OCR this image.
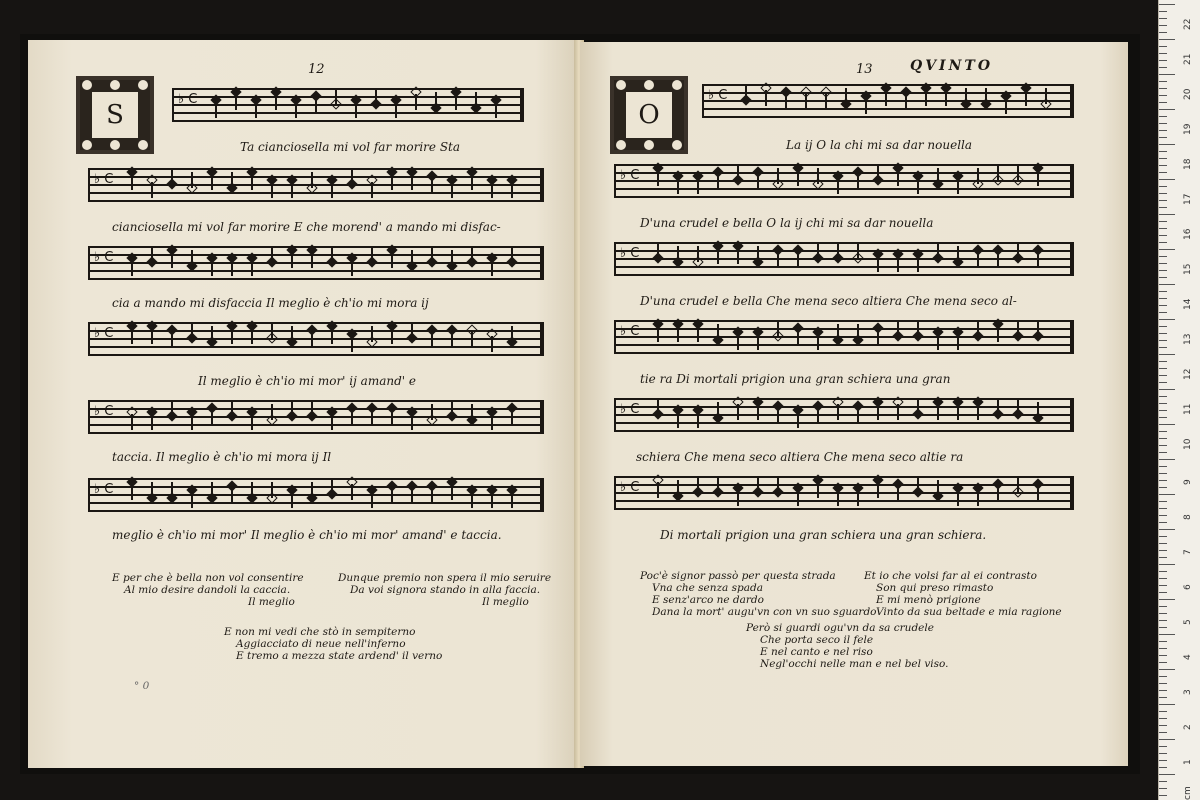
S
12
♭ C
Ta cianciosella mi vol far morire Sta
♭ C
cianciosella mi vol far morire E che morend' a mando mi disfac-
♭ C
cia a mando mi disfaccia Il meglio è ch'io mi mora ij
♭ C
Il meglio è ch'io mi mor' ij amand' e
♭ C
taccia. Il meglio è ch'io mi mora ij Il
♭ C
meglio è ch'io mi mor' Il meglio è ch'io mi mor' amand' e taccia.
E per che è bella non vol consentire
Al mio desire dandoli la caccia.
Il meglio
Dunque premio non spera il mio seruire
Da voi signora stando in alla faccia.
Il meglio
E non mi vedi che stò in sempiterno
Aggiacciato di neue nell'inferno
E tremo a mezza state ardend' il verno
° 0
13	QVINTO
O
♭ C
La ij O la chi mi sa dar nouella
♭ C
D'una crudel e bella O la ij chi mi sa dar nouella
♭ C
D'una crudel e bella Che mena seco altiera Che mena seco al-
♭ C
tie ra Di mortali prigion una gran schiera una gran
♭ C
schiera Che mena seco altiera Che mena seco altie ra
♭ C
Di mortali prigion una gran schiera una gran schiera.
Poc'è signor passò per questa strada
Vna che senza spada
E senz'arco ne dardo
Dana la mort' augu'vn con vn suo sguardo
Et io che volsi far al ei contrasto
Son qui preso rimasto
E mi menò prigione
Vinto da sua beltade e mia ragione
Però si guardi ogu'vn da sa crudele
Che porta seco il fele
E nel canto e nel riso
Negl'occhi nelle man e nel bel viso.
22
21
20
19
18
17
16
15
14
13
12
11
10
9
8
7
6
5
4
3
2
1
cm
